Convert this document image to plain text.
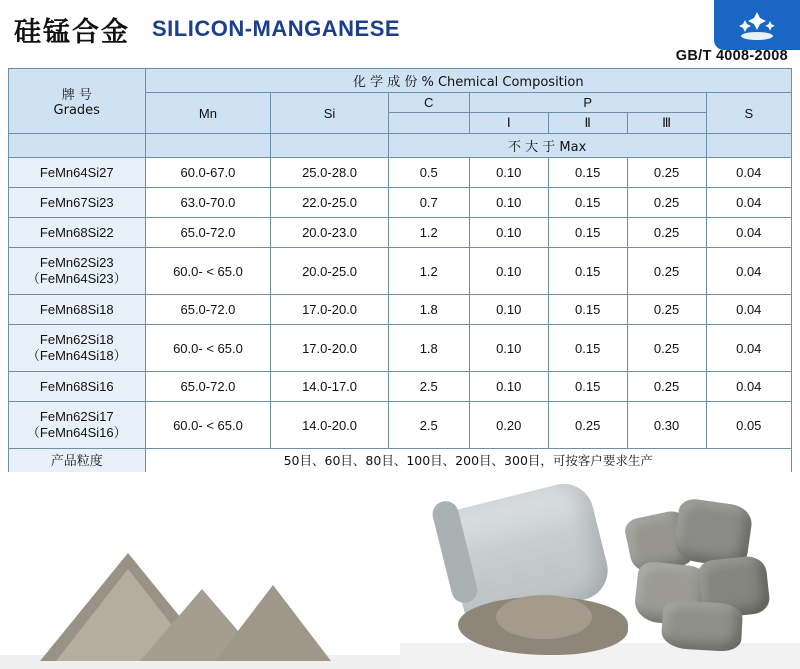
硅锰合金 SILICON-MANGANESE
GB/T 4008-2008
牌 号
Grades	化 学 成 份 % Chemical Composition						
	Mn	Si	C	P			S
				Ⅰ	Ⅱ	Ⅲ	
			不 大 于 Max				
FeMn64Si27	60.0-67.0	25.0-28.0	0.5	0.10	0.15	0.25	0.04
FeMn67Si23	63.0-70.0	22.0-25.0	0.7	0.10	0.15	0.25	0.04
FeMn68Si22	65.0-72.0	20.0-23.0	1.2	0.10	0.15	0.25	0.04

FeMn62Si23
（FeMn64Si23）	60.0- < 65.0	20.0-25.0	1.2	0.10	0.15	0.25	0.04
FeMn68Si18	65.0-72.0	17.0-20.0	1.8	0.10	0.15	0.25	0.04

FeMn62Si18
（FeMn64Si18）	60.0- < 65.0	17.0-20.0	1.8	0.10	0.15	0.25	0.04
FeMn68Si16	65.0-72.0	14.0-17.0	2.5	0.10	0.15	0.25	0.04

FeMn62Si17
（FeMn64Si16）	60.0- < 65.0	14.0-20.0	2.5	0.20	0.25	0.30	0.05

产品粒度	50目、60目、80目、100目、200目、300目，可按客户要求生产
